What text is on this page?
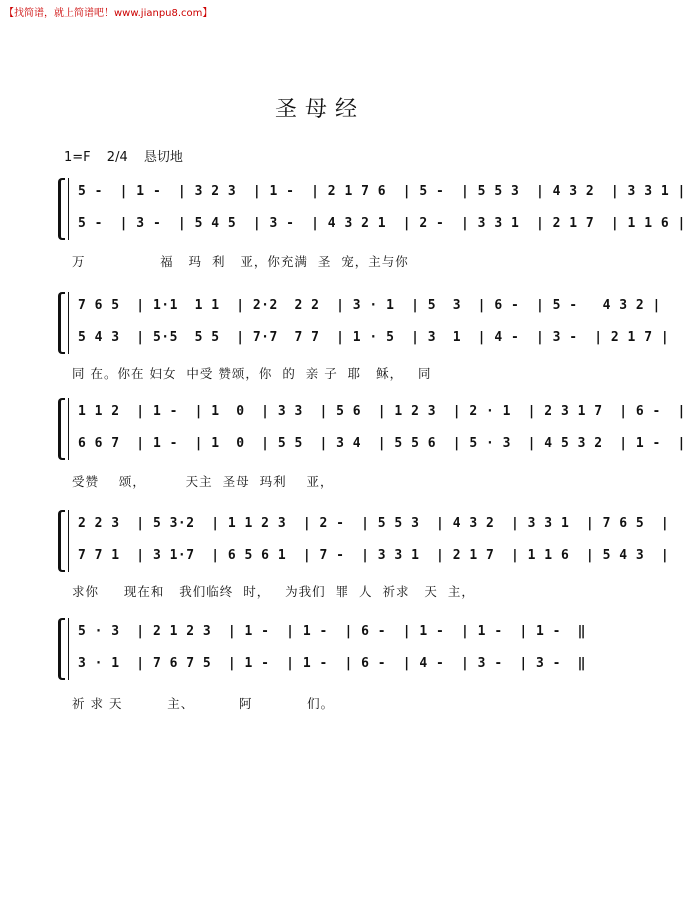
【找简谱，就上简谱吧！www.jianpu8.com】
圣母经
1=F 2/4 恳切地
5 -  | 1 -  | 3 2 3  | 1 -  | 2 1 7 6  | 5 -  | 5 5 3  | 4 3 2  | 3 3 1 |
5 -  | 3 -  | 5 4 5  | 3 -  | 4 3 2 1  | 2 -  | 3 3 1  | 2 1 7  | 1 1 6 |
万               福   玛  利   亚，你充满  圣  宠，主与你
7 6 5  | 1·1  1 1  | 2·2  2 2  | 3 · 1  | 5  3  | 6 -  | 5 -   4 3 2 |
5 4 3  | 5·5  5 5  | 7·7  7 7  | 1 · 5  | 3  1  | 4 -  | 3 -  | 2 1 7 |
同 在。你在 妇女  中受 赞颂，你  的  亲 子  耶   稣，   同
1 1 2  | 1 -  | 1  0  | 3 3  | 5 6  | 1 2 3  | 2 · 1  | 2 3 1 7  | 6 -  |
6 6 7  | 1 -  | 1  0  | 5 5  | 3 4  | 5 5 6  | 5 · 3  | 4 5 3 2  | 1 -  |
受赞    颂，        天主  圣母  玛利    亚，
2 2 3  | 5 3·2  | 1 1 2 3  | 2 -  | 5 5 3  | 4 3 2  | 3 3 1  | 7 6 5  |
7 7 1  | 3 1·7  | 6 5 6 1  | 7 -  | 3 3 1  | 2 1 7  | 1 1 6  | 5 4 3  |
求你     现在和   我们临终  时，   为我们  罪  人  祈求   天  主，
5 · 3  | 2 1 2 3  | 1 -  | 1 -  | 6 -  | 1 -  | 1 -  | 1 -  ‖
3 · 1  | 7 6 7 5  | 1 -  | 1 -  | 6 -  | 4 -  | 3 -  | 3 -  ‖
祈 求 天         主、         阿           们。
